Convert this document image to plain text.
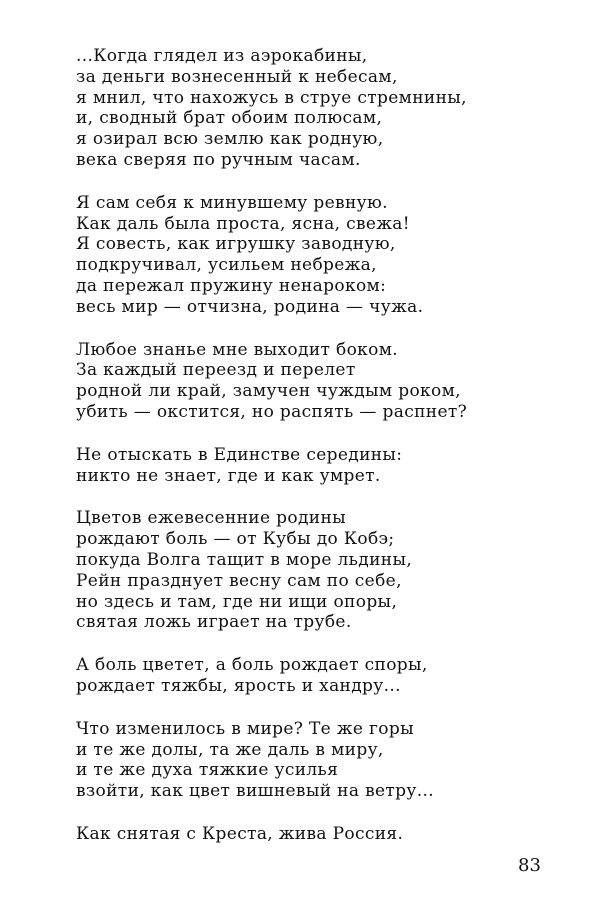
...Когда глядел из аэрокабины,
за деньги вознесенный к небесам,
я мнил, что нахожусь в струе стремнины,
и, сводный брат обоим полюсам,
я озирал всю землю как родную,
века сверяя по ручным часам.
Я сам себя к минувшему ревную.
Как даль была проста, ясна, свежа!
Я совесть, как игрушку заводную,
подкручивал, усильем небрежа,
да пережал пружину ненароком:
весь мир — отчизна, родина — чужа.
Любое знанье мне выходит боком.
За каждый переезд и перелет
родной ли край, замучен чуждым роком,
убить — окстится, но распять — распнет?
Не отыскать в Единстве середины:
никто не знает, где и как умрет.
Цветов ежевесенние родины
рождают боль — от Кубы до Кобэ;
покуда Волга тащит в море льдины,
Рейн празднует весну сам по себе,
но здесь и там, где ни ищи опоры,
святая ложь играет на трубе.
А боль цветет, а боль рождает споры,
рождает тяжбы, ярость и хандру...
Что изменилось в мире? Те же горы
и те же долы, та же даль в миру,
и те же духа тяжкие усилья
взойти, как цвет вишневый на ветру...
Как снятая с Креста, жива Россия.
83
